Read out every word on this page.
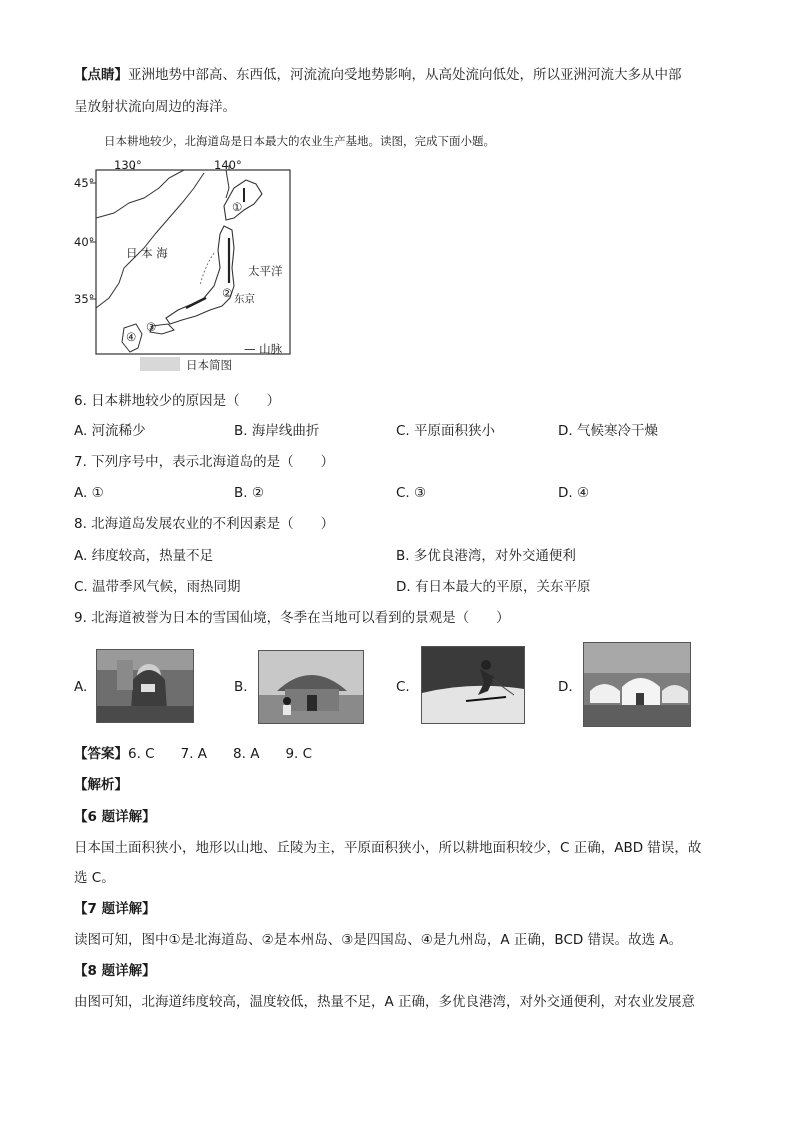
【点睛】亚洲地势中部高、东西低，河流流向受地势影响，从高处流向低处，所以亚洲河流大多从中部
呈放射状流向周边的海洋。
日本耕地较少，北海道岛是日本最大的农业生产基地。读图，完成下面小题。
130°	140°
45°
40°
35°
日 本 海
太平洋
东京
①
②
③
④
— 山脉
日本简图
6. 日本耕地较少的原因是（　　）
A. 河流稀少	B. 海岸线曲折	C. 平原面积狭小	D. 气候寒冷干燥
7. 下列序号中，表示北海道岛的是（　　）
A. ①	B. ②	C. ③	D. ④
8. 北海道岛发展农业的不利因素是（　　）
A. 纬度较高，热量不足	B. 多优良港湾，对外交通便利
C. 温带季风气候，雨热同期	D. 有日本最大的平原，关东平原
9. 北海道被誉为日本的雪国仙境，冬季在当地可以看到的景观是（　　）
A.	B.	C.	D.
【答案】6. C 7. A 8. A 9. C
【解析】
【6 题详解】
日本国土面积狭小，地形以山地、丘陵为主，平原面积狭小，所以耕地面积较少，C 正确，ABD 错误，故
选 C。
【7 题详解】
读图可知，图中①是北海道岛、②是本州岛、③是四国岛、④是九州岛，A 正确，BCD 错误。故选 A。
【8 题详解】
由图可知，北海道纬度较高，温度较低，热量不足，A 正确，多优良港湾，对外交通便利，对农业发展意
